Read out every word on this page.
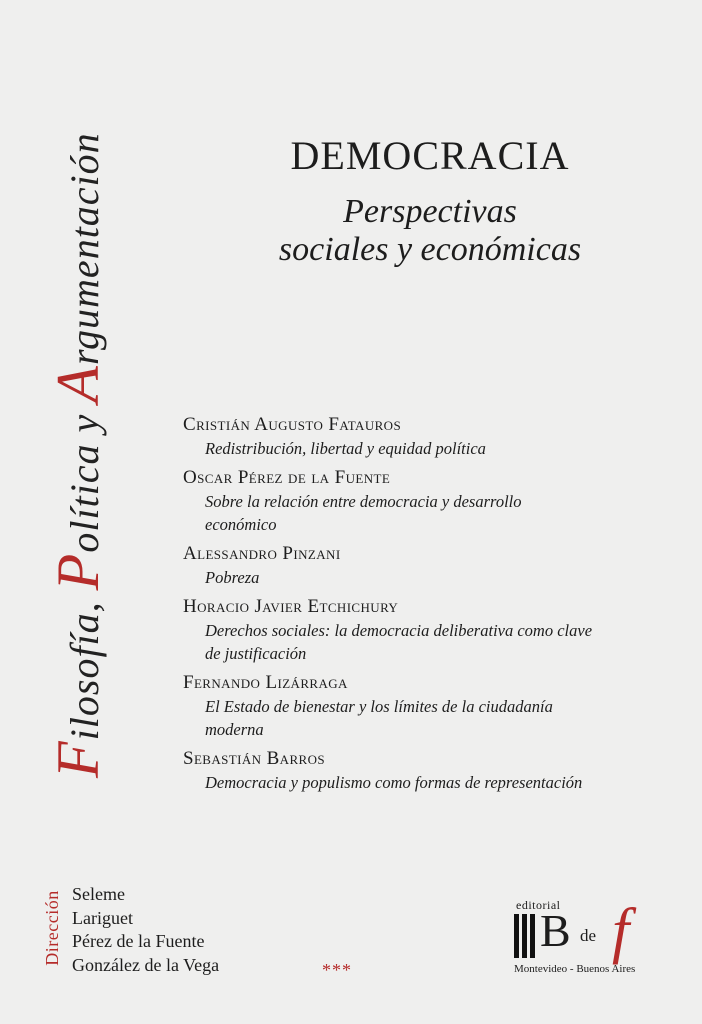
Filosofía, Política y Argumentación	DEMOCRACIA
Perspectivas
sociales y económicas
Cristián Augusto Fatauros
Redistribución, libertad y equidad política
Oscar Pérez de la Fuente
Sobre la relación entre democracia y desarrollo
económico
Alessandro Pinzani
Pobreza
Horacio Javier Etchichury
Derechos sociales: la democracia deliberativa como clave
de justificación
Fernando Lizárraga
El Estado de bienestar y los límites de la ciudadanía
moderna
Sebastián Barros
Democracia y populismo como formas de representación
Dirección Seleme
Lariguet
Pérez de la Fuente
González de la Vega	***
editorial
B de f
Montevideo - Buenos Aires
